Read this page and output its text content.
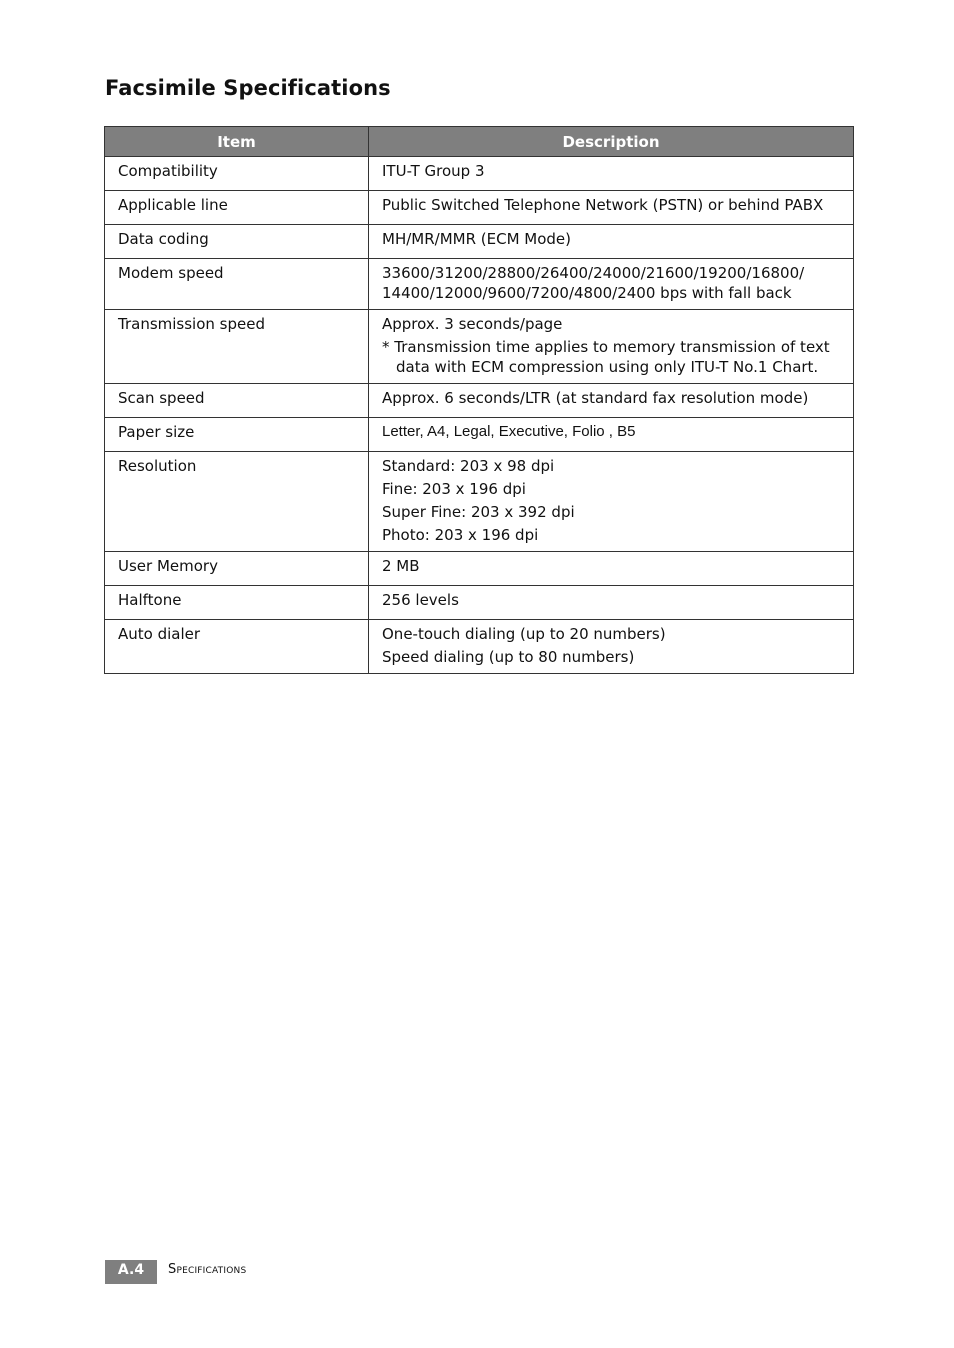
Facsimile Specifications
Item	Description
Compatibility	ITU-T Group 3

Applicable line	Public Switched Telephone Network (PSTN) or behind PABX

Data coding	MH/MR/MMR (ECM Mode)

Modem speed	33600/31200/28800/26400/24000/21600/19200/16800/
14400/12000/9600/7200/4800/2400 bps with fall back

Transmission speed	Approx. 3 seconds/page
* Transmission time applies to memory transmission of text data with ECM compression using only ITU-T No.1 Chart.

Scan speed	Approx. 6 seconds/LTR (at standard fax resolution mode)

Paper size	Letter, A4, Legal, Executive, Folio , B5

Resolution	Standard: 203 x 98 dpi
Fine: 203 x 196 dpi
Super Fine: 203 x 392 dpi
Photo: 203 x 196 dpi

User Memory	2 MB

Halftone	256 levels

Auto dialer	One-touch dialing (up to 20 numbers)
Speed dialing (up to 80 numbers)
A.4	Specifications
